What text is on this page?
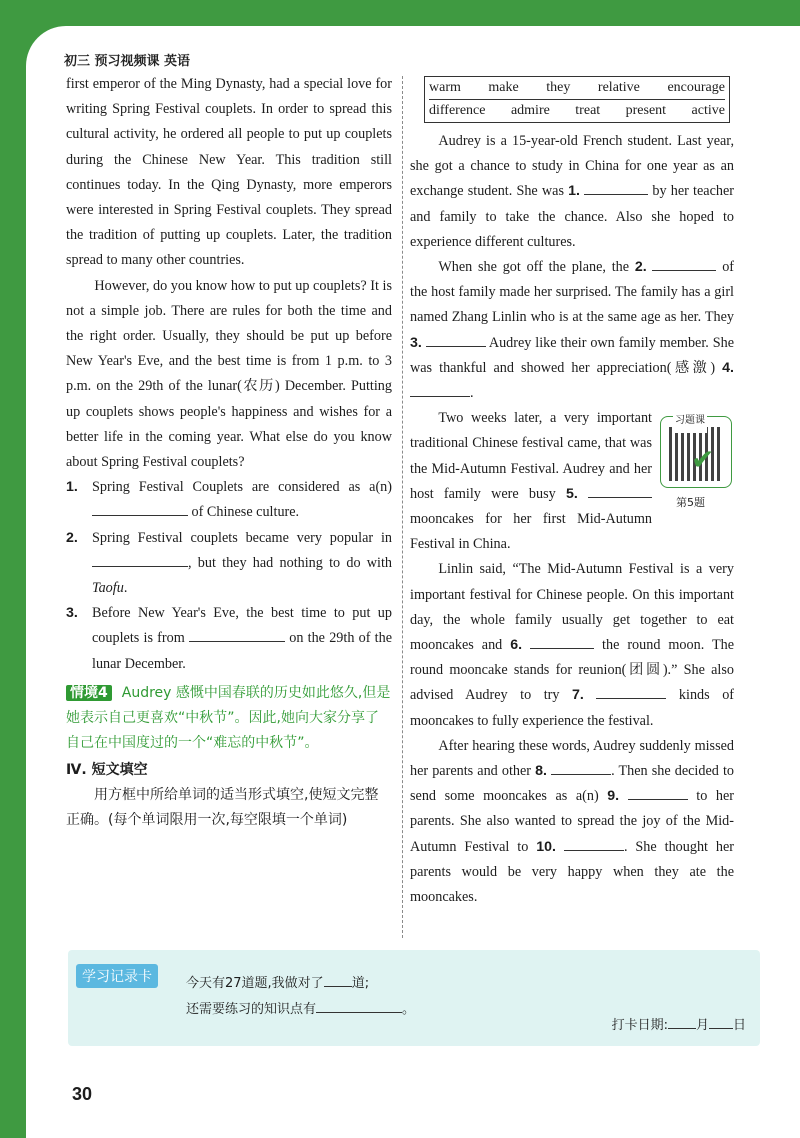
初三 预习视频课 英语

first emperor of the Ming Dynasty, had a special love for writing Spring Festival couplets. In order to spread this cultural activity, he ordered all people to put up couplets during the Chinese New Year. This tradition still continues today. In the Qing Dynasty, more emperors were interested in Spring Festival couplets. They spread the tradition of putting up couplets. Later, the tradition spread to many other countries.

However, do you know how to put up couplets? It is not a simple job. There are rules for both the time and the right order. Usually, they should be put up before New Year's Eve, and the best time is from 1 p.m. to 3 p.m. on the 29th of the lunar(农历) December. Putting up couplets shows people's happiness and wishes for a better life in the coming year. What else do you know about Spring Festival couplets?

1. Spring Festival Couplets are considered as a(n)  of Chinese culture.
2. Spring Festival couplets became very popular in , but they had nothing to do with Taofu.
3. Before New Year's Eve, the best time to put up couplets is from	on the 29th of the lunar December.
情境4 Audrey 感慨中国春联的历史如此悠久,但是她表示自己更喜欢“中秋节”。因此,她向大家分享了自己在中国度过的一个“难忘的中秋节”。
Ⅳ. 短文填空
用方框中所给单词的适当形式填空,使短文完整正确。(每个单词限用一次,每空限填一个单词)
warm make they relative encourage
difference admire treat present active

Audrey is a 15-year-old French student. Last year, she got a chance to study in China for one year as an exchange student. She was 1.	by her teacher and family to take the chance. Also she hoped to experience different cultures.

When she got off the plane, the 2.	of the host family made her surprised. The family has a girl named Zhang Linlin who is at the same age as her. They 3.	Audrey like their own family member. She was thankful and showed her appreciation(感激) 4. .

✔
习题课
第5题

Two weeks later, a very important traditional Chinese festival came, that was the Mid-Autumn Festival. Audrey and her host family were busy 5.  mooncakes for her first Mid-Autumn Festival in China.

Linlin said, “The Mid-Autumn Festival is a very important festival for Chinese people. On this important day, the whole family usually get together to eat mooncakes and 6.	the round moon. The round mooncake stands for reunion(团圆).” She also advised Audrey to try 7.	kinds of mooncakes to fully experience the festival.

After hearing these words, Audrey suddenly missed her parents and other 8.	. Then she decided to send some mooncakes as a(n) 9.	to her parents. She also wanted to spread the joy of the Mid-Autumn Festival to 10.	. She thought her parents would be very happy when they ate the mooncakes.

学习记录卡	今天有27道题,我做对了 道;
还需要练习的知识点有	。
打卡日期: 月 日
30
